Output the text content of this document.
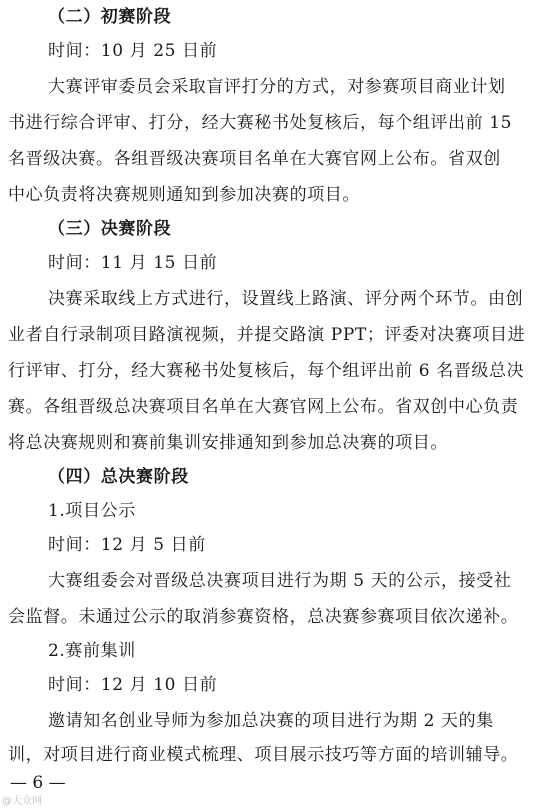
（二）初赛阶段
时间：10 月 25 日前
大赛评审委员会采取盲评打分的方式，对参赛项目商业计划
书进行综合评审、打分，经大赛秘书处复核后，每个组评出前 15
名晋级决赛。各组晋级决赛项目名单在大赛官网上公布。省双创
中心负责将决赛规则通知到参加决赛的项目。
（三）决赛阶段
时间：11 月 15 日前
决赛采取线上方式进行，设置线上路演、评分两个环节。由创
业者自行录制项目路演视频，并提交路演 PPT；评委对决赛项目进
行评审、打分，经大赛秘书处复核后，每个组评出前 6 名晋级总决
赛。各组晋级总决赛项目名单在大赛官网上公布。省双创中心负责
将总决赛规则和赛前集训安排通知到参加总决赛的项目。
（四）总决赛阶段
1.项目公示
时间：12 月 5 日前
大赛组委会对晋级总决赛项目进行为期 5 天的公示，接受社
会监督。未通过公示的取消参赛资格，总决赛参赛项目依次递补。
2.赛前集训
时间：12 月 10 日前
邀请知名创业导师为参加总决赛的项目进行为期 2 天的集
训，对项目进行商业模式梳理、项目展示技巧等方面的培训辅导。
— 6 —
@大众网
